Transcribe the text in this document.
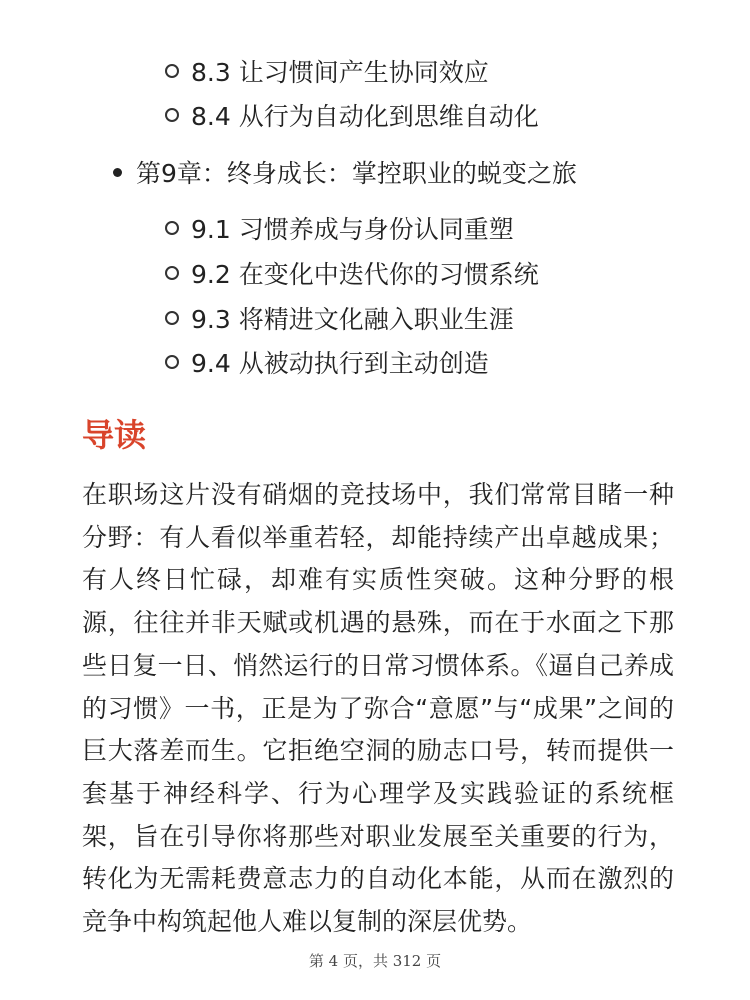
8.3 让习惯间产生协同效应
8.4 从行为自动化到思维自动化
第9章：终身成长：掌控职业的蜕变之旅
9.1 习惯养成与身份认同重塑
9.2 在变化中迭代你的习惯系统
9.3 将精进文化融入职业生涯
9.4 从被动执行到主动创造
导读

在职场这片没有硝烟的竞技场中，我们常常目睹一种分野：有人看似举重若轻，却能持续产出卓越成果；有人终日忙碌，却难有实质性突破。这种分野的根源，往往并非天赋或机遇的悬殊，而在于水面之下那些日复一日、悄然运行的日常习惯体系。《逼自己养成的习惯》一书，正是为了弥合“意愿”与“成果”之间的巨大落差而生。它拒绝空洞的励志口号，转而提供一套基于神经科学、行为心理学及实践验证的系统框架，旨在引导你将那些对职业发展至关重要的行为，转化为无需耗费意志力的自动化本能，从而在激烈的竞争中构筑起他人难以复制的深层优势。

第 4 页，共 312 页
